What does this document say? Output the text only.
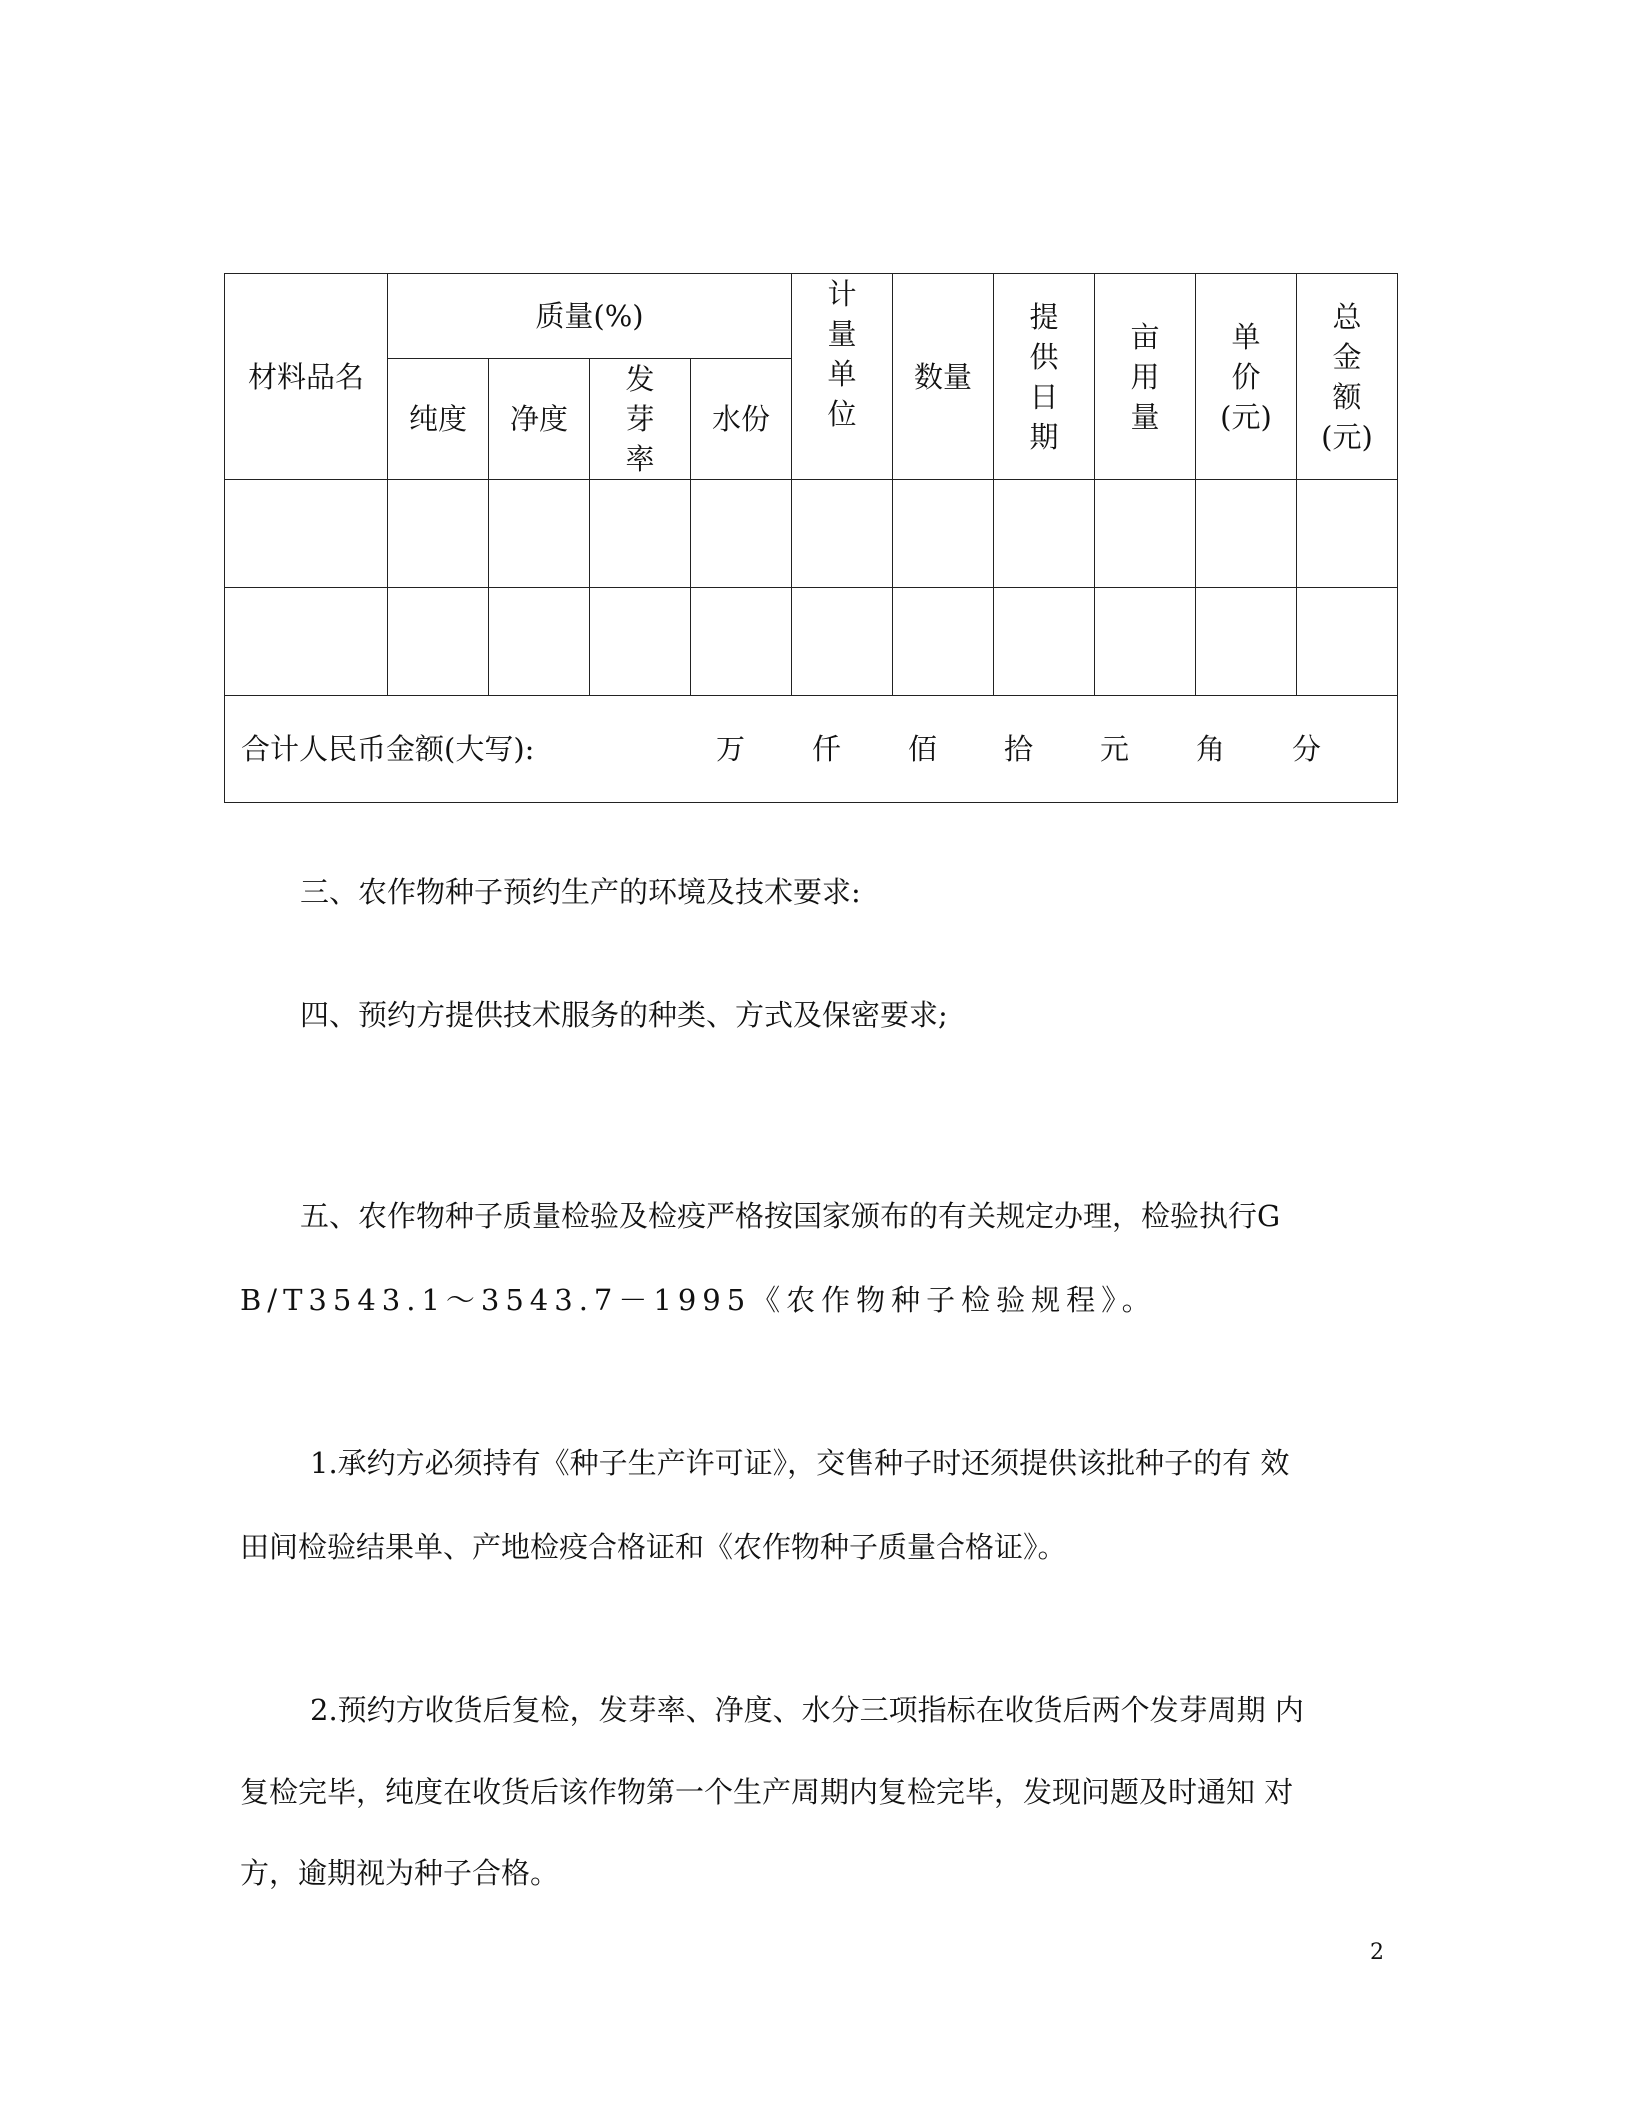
材料品名	质量(%)				计量单位	数量	提供日期	亩用量	单价(元)	总金额(元)
	纯度	净度	发芽率	水份						

合计人民币金额(大写): 万 仟 佰 拾 元 角 分										
三、农作物种子预约生产的环境及技术要求:
四、预约方提供技术服务的种类、方式及保密要求;
五、农作物种子质量检验及检疫严格按国家颁布的有关规定办理，检验执行G
B/T3543.1～3543.7－1995《农作物种子检验规程》。
1.承约方必须持有《种子生产许可证》，交售种子时还须提供该批种子的有 效
田间检验结果单、产地检疫合格证和《农作物种子质量合格证》。
2.预约方收货后复检，发芽率、净度、水分三项指标在收货后两个发芽周期 内
复检完毕，纯度在收货后该作物第一个生产周期内复检完毕，发现问题及时通知 对
方，逾期视为种子合格。
2
